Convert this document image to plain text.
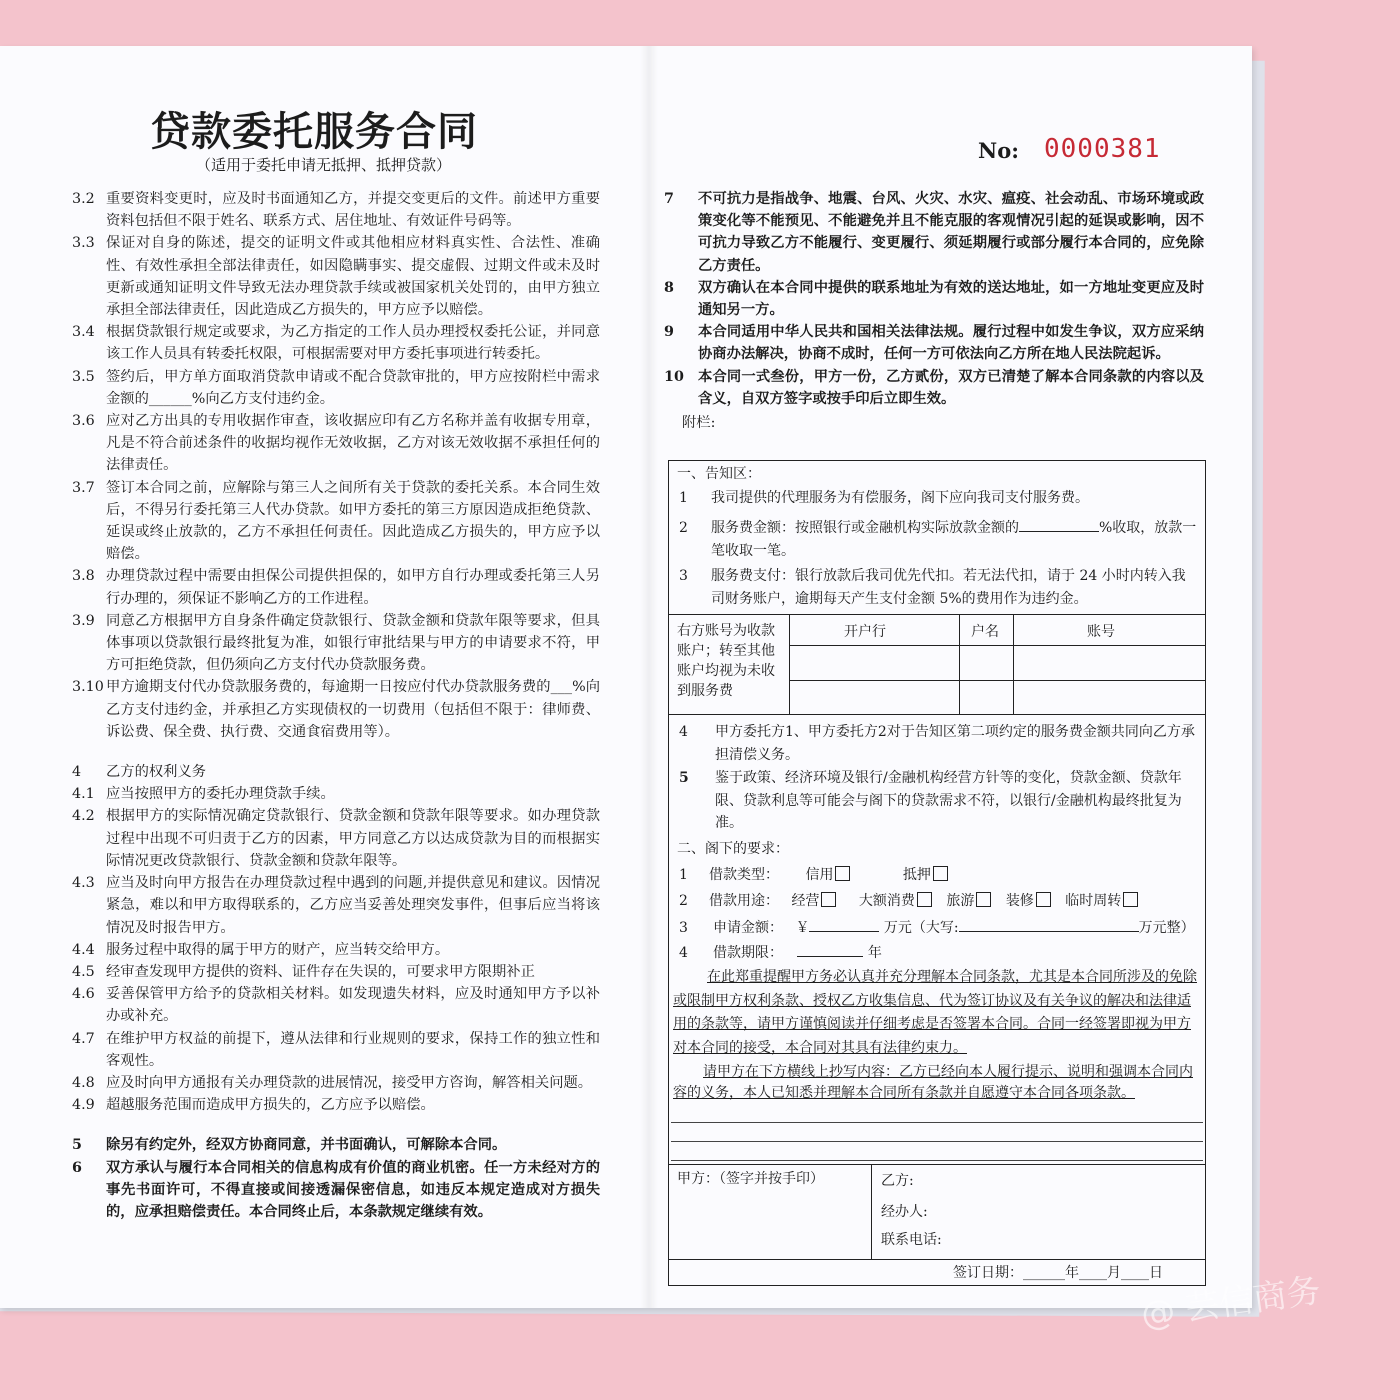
贷款委托服务合同
（适用于委托申请无抵押、抵押贷款）
No: 0000381
3.2 重要资料变更时，应及时书面通知乙方，并提交变更后的文件。前述甲方重要资料包括但不限于姓名、联系方式、居住地址、有效证件号码等。
3.3 保证对自身的陈述，提交的证明文件或其他相应材料真实性、合法性、准确性、有效性承担全部法律责任，如因隐瞒事实、提交虚假、过期文件或未及时更新或通知证明文件导致无法办理贷款手续或被国家机关处罚的，由甲方独立承担全部法律责任，因此造成乙方损失的，甲方应予以赔偿。
3.4 根据贷款银行规定或要求，为乙方指定的工作人员办理授权委托公证，并同意该工作人员具有转委托权限，可根据需要对甲方委托事项进行转委托。
3.5 签约后，甲方单方面取消贷款申请或不配合贷款审批的，甲方应按附栏中需求金额的______%向乙方支付违约金。
3.6 应对乙方出具的专用收据作审查，该收据应印有乙方名称并盖有收据专用章，凡是不符合前述条件的收据均视作无效收据，乙方对该无效收据不承担任何的法律责任。
3.7 签订本合同之前，应解除与第三人之间所有关于贷款的委托关系。本合同生效后，不得另行委托第三人代办贷款。如甲方委托的第三方原因造成拒绝贷款、延误或终止放款的，乙方不承担任何责任。因此造成乙方损失的，甲方应予以赔偿。
3.8 办理贷款过程中需要由担保公司提供担保的，如甲方自行办理或委托第三人另行办理的，须保证不影响乙方的工作进程。
3.9 同意乙方根据甲方自身条件确定贷款银行、贷款金额和贷款年限等要求，但具体事项以贷款银行最终批复为准，如银行审批结果与甲方的申请要求不符，甲方可拒绝贷款，但仍须向乙方支付代办贷款服务费。
3.10 甲方逾期支付代办贷款服务费的，每逾期一日按应付代办贷款服务费的___%向乙方支付违约金，并承担乙方实现债权的一切费用（包括但不限于：律师费、诉讼费、保全费、执行费、交通食宿费用等）。
4	乙方的权利义务
4.1 应当按照甲方的委托办理贷款手续。
4.2 根据甲方的实际情况确定贷款银行、贷款金额和贷款年限等要求。如办理贷款过程中出现不可归责于乙方的因素，甲方同意乙方以达成贷款为目的而根据实际情况更改贷款银行、贷款金额和贷款年限等。
4.3 应当及时向甲方报告在办理贷款过程中遇到的问题,并提供意见和建议。因情况紧急，难以和甲方取得联系的，乙方应当妥善处理突发事件，但事后应当将该情况及时报告甲方。
4.4 服务过程中取得的属于甲方的财产，应当转交给甲方。
4.5 经审查发现甲方提供的资料、证件存在失误的，可要求甲方限期补正
4.6 妥善保管甲方给予的贷款相关材料。如发现遗失材料，应及时通知甲方予以补办或补充。
4.7 在维护甲方权益的前提下，遵从法律和行业规则的要求，保持工作的独立性和客观性。
4.8 应及时向甲方通报有关办理贷款的进展情况，接受甲方咨询，解答相关问题。
4.9 超越服务范围而造成甲方损失的，乙方应予以赔偿。
5	除另有约定外，经双方协商同意，并书面确认，可解除本合同。
6	双方承认与履行本合同相关的信息构成有价值的商业机密。任一方未经对方的事先书面许可，不得直接或间接透漏保密信息，如违反本规定造成对方损失的，应承担赔偿责任。本合同终止后，本条款规定继续有效。
7	不可抗力是指战争、地震、台风、火灾、水灾、瘟疫、社会动乱、市场环境或政策变化等不能预见、不能避免并且不能克服的客观情况引起的延误或影响，因不可抗力导致乙方不能履行、变更履行、须延期履行或部分履行本合同的，应免除乙方责任。
8	双方确认在本合同中提供的联系地址为有效的送达地址，如一方地址变更应及时通知另一方。
9	本合同适用中华人民共和国相关法律法规。履行过程中如发生争议，双方应采纳协商办法解决，协商不成时，任何一方可依法向乙方所在地人民法院起诉。
10 本合同一式叁份，甲方一份，乙方贰份，双方已清楚了解本合同条款的内容以及含义，自双方签字或按手印后立即生效。
附栏:
一、告知区：
1 我司提供的代理服务为有偿服务，阁下应向我司支付服务费。
2 服务费金额：按照银行或金融机构实际放款金额的	%收取，放款一笔收取一笔。
3 服务费支付：银行放款后我司优先代扣。若无法代扣，请于 24 小时内转入我司财务账户，逾期每天产生支付金额 5%的费用作为违约金。
右方账号为收款账户；转至其他账户均视为未收到服务费
开户行	户名	账号
4 甲方委托方1、甲方委托方2对于告知区第二项约定的服务费金额共同向乙方承担清偿义务。
5 鉴于政策、经济环境及银行/金融机构经营方针等的变化，贷款金额、贷款年限、贷款利息等可能会与阁下的贷款需求不符，以银行/金融机构最终批复为准。
二、阁下的要求：
1 借款类型： 信用	抵押
2 借款用途： 经营	大额消费 旅游 装修 临时周转
3 申请金额： ￥	万元（大写:	万元整）
4 借款期限：	年
在此郑重提醒甲方务必认真并充分理解本合同条款，尤其是本合同所涉及的免除或限制甲方权利条款、授权乙方收集信息、代为签订协议及有关争议的解决和法律适用的条款等，请甲方谨慎阅读并仔细考虑是否签署本合同。合同一经签署即视为甲方对本合同的接受，本合同对其具有法律约束力。
请甲方在下方横线上抄写内容：乙方已经向本人履行提示、说明和强调本合同内容的义务，本人已知悉并理解本合同所有条款并自愿遵守本合同各项条款。
甲方：（签字并按手印）	乙方:
经办人:
联系电话:
签订日期：______年____月____日
@ 芸信商务
